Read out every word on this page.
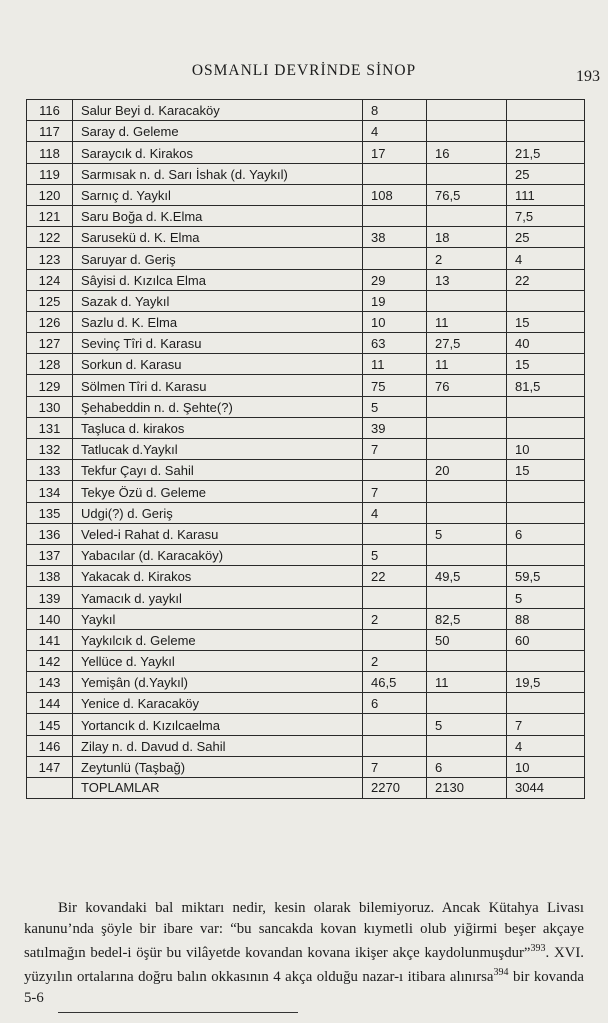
OSMANLI DEVRİNDE SİNOP	193
116	Salur Beyi d. Karacaköy	8		
117	Saray d. Geleme	4		
118	Saraycık d. Kirakos	17	16	21,5
119	Sarmısak n. d. Sarı İshak (d. Yaykıl)			25
120	Sarnıç d. Yaykıl	108	76,5	111
121	Saru Boğa d. K.Elma			7,5
122	Sarusekü d. K. Elma	38	18	25
123	Saruyar d. Geriş		2	4
124	Sâyisi d. Kızılca Elma	29	13	22
125	Sazak d. Yaykıl	19		
126	Sazlu d. K. Elma	10	11	15
127	Sevinç Tîri d. Karasu	63	27,5	40
128	Sorkun d. Karasu	11	11	15
129	Sölmen Tîri d. Karasu	75	76	81,5
130	Şehabeddin n. d. Şehte(?)	5		
131	Taşluca d. kirakos	39		
132	Tatlucak d.Yaykıl	7		10
133	Tekfur Çayı d. Sahil		20	15
134	Tekye Özü d. Geleme	7		
135	Udgi(?) d. Geriş	4		
136	Veled-i Rahat d. Karasu		5	6
137	Yabacılar (d. Karacaköy)	5		
138	Yakacak d. Kirakos	22	49,5	59,5
139	Yamacık d. yaykıl			5
140	Yaykıl	2	82,5	88
141	Yaykılcık d. Geleme		50	60
142	Yellüce d. Yaykıl	2		
143	Yemişân (d.Yaykıl)	46,5	11	19,5
144	Yenice d. Karacaköy	6		
145	Yortancık d. Kızılcaelma		5	7
146	Zilay n. d. Davud d. Sahil			4
147	Zeytunlü (Taşbağ)	7	6	10
	TOPLAMLAR	2270	2130	3044

Bir kovandaki bal miktarı nedir, kesin olarak bilemiyoruz. Ancak Kütahya Livası kanunu’nda şöyle bir ibare var: “bu sancakda kovan kıymetli olub yiğirmi beşer akçaye satılmağın bedel-i öşür bu vilâyetde kovandan kovana ikişer akçe kaydolunmuşdur”$^{393}$. XVI. yüzyılın ortalarına doğru balın okkasının 4 akça olduğu nazar-ı itibara alınırsa$^{394}$ bir kovanda 5-6
